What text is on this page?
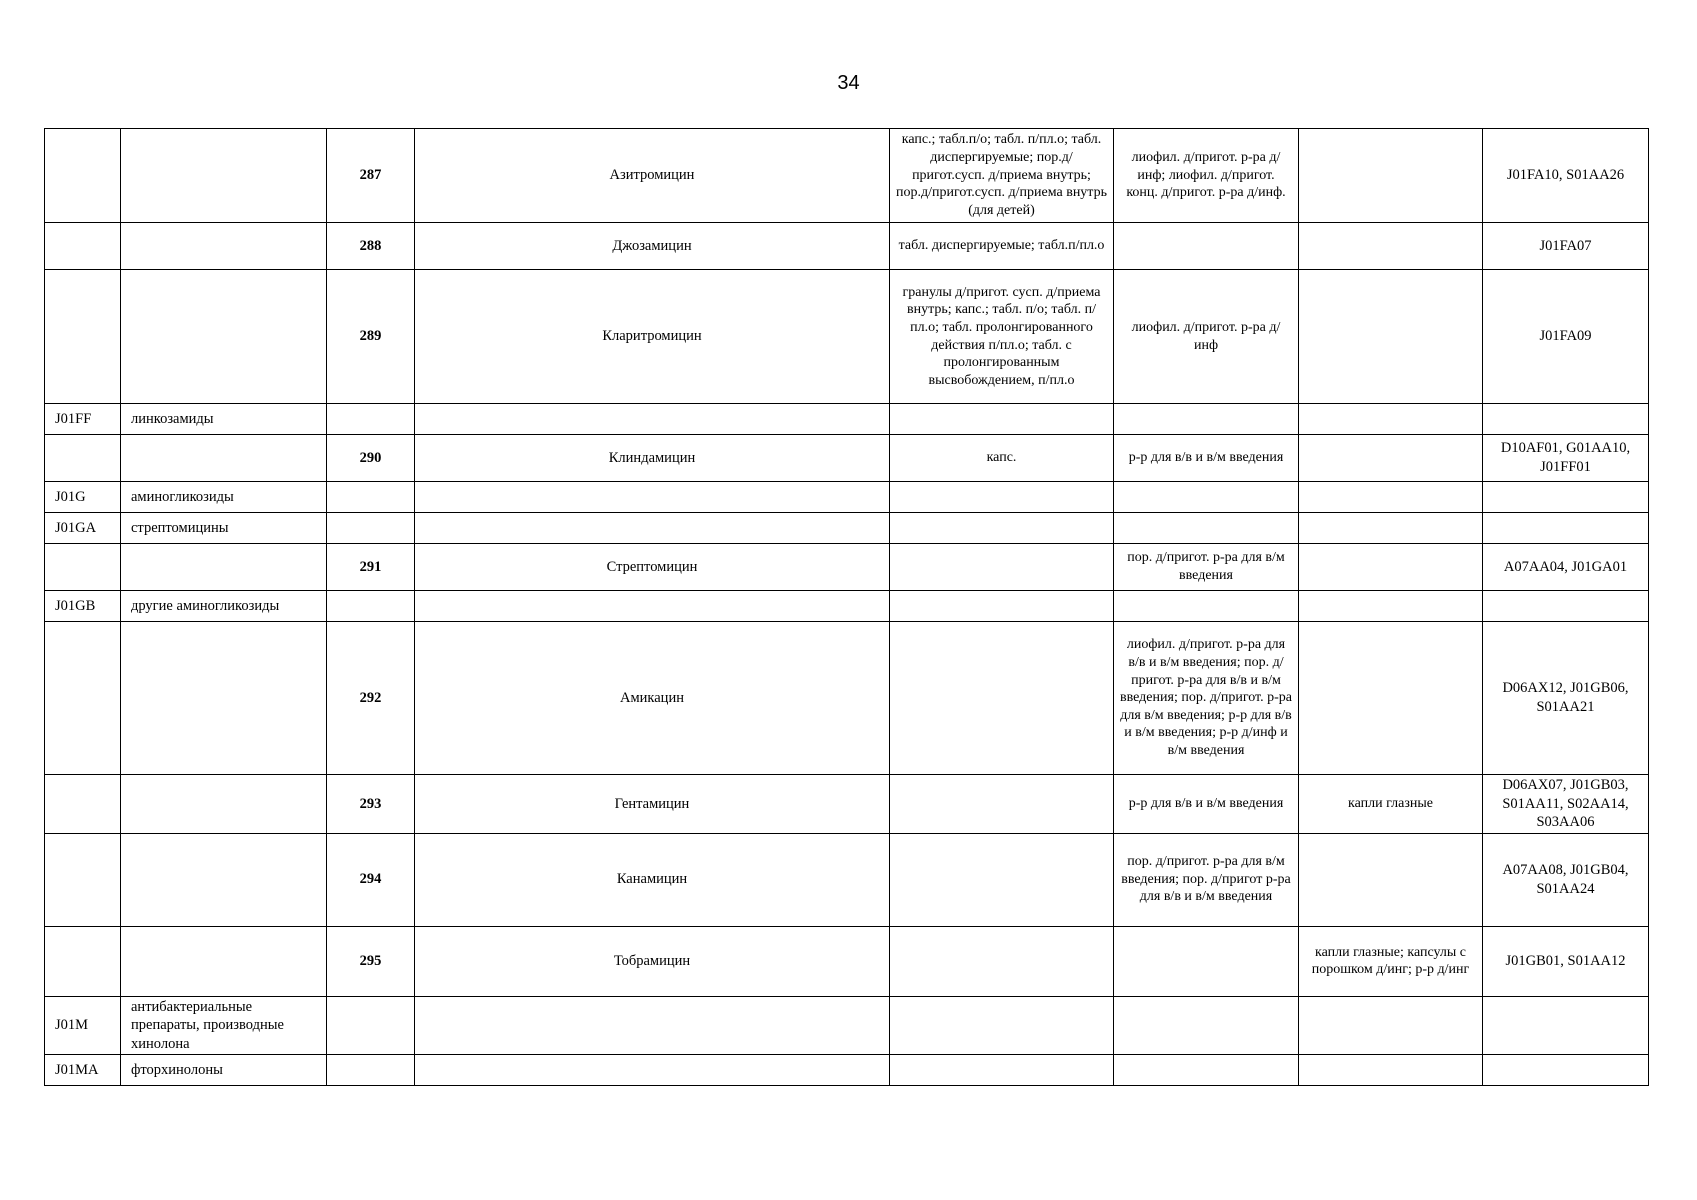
34
		287	Азитромицин	капс.; табл.п/о; табл. п/пл.о; табл. диспергируемые; пор.д/пригот.сусп. д/приема внутрь; пор.д/пригот.сусп. д/приема внутрь (для детей)	лиофил. д/пригот. р-ра д/инф; лиофил. д/пригот. конц. д/пригот. р-ра д/инф.		J01FA10, S01AA26
		288	Джозамицин	табл. диспергируемые; табл.п/пл.о			J01FA07
		289	Кларитромицин	гранулы д/пригот. сусп. д/приема внутрь; капс.; табл. п/о; табл. п/пл.о; табл. пролонгированного действия п/пл.о; табл. с пролонгированным высвобождением, п/пл.о	лиофил. д/пригот. р-ра д/инф		J01FA09
J01FF	линкозамиды						
		290	Клиндамицин	капс.	р-р для в/в и в/м введения		D10AF01, G01AA10, J01FF01
J01G	аминогликозиды						
J01GA	стрептомицины						
		291	Стрептомицин		пор. д/пригот. р-ра для в/м введения		A07AA04, J01GA01
J01GB	другие аминогликозиды						
		292	Амикацин		лиофил. д/пригот. р-ра для в/в и в/м введения; пор. д/пригот. р-ра для в/в и в/м введения; пор. д/пригот. р-ра для в/м введения; р-р для в/в и в/м введения; р-р д/инф и в/м введения		D06AX12, J01GB06, S01AA21
		293	Гентамицин		р-р для в/в и в/м введения	капли глазные	D06AX07, J01GB03, S01AA11, S02AA14, S03AA06
		294	Канамицин		пор. д/пригот. р-ра для в/м введения; пор. д/пригот р-ра для в/в и в/м введения		A07AA08, J01GB04, S01AA24
		295	Тобрамицин			капли глазные; капсулы с порошком д/инг; р-р д/инг	J01GB01, S01AA12
J01M	антибактериальные препараты, производные хинолона						
J01MA	фторхинолоны						
